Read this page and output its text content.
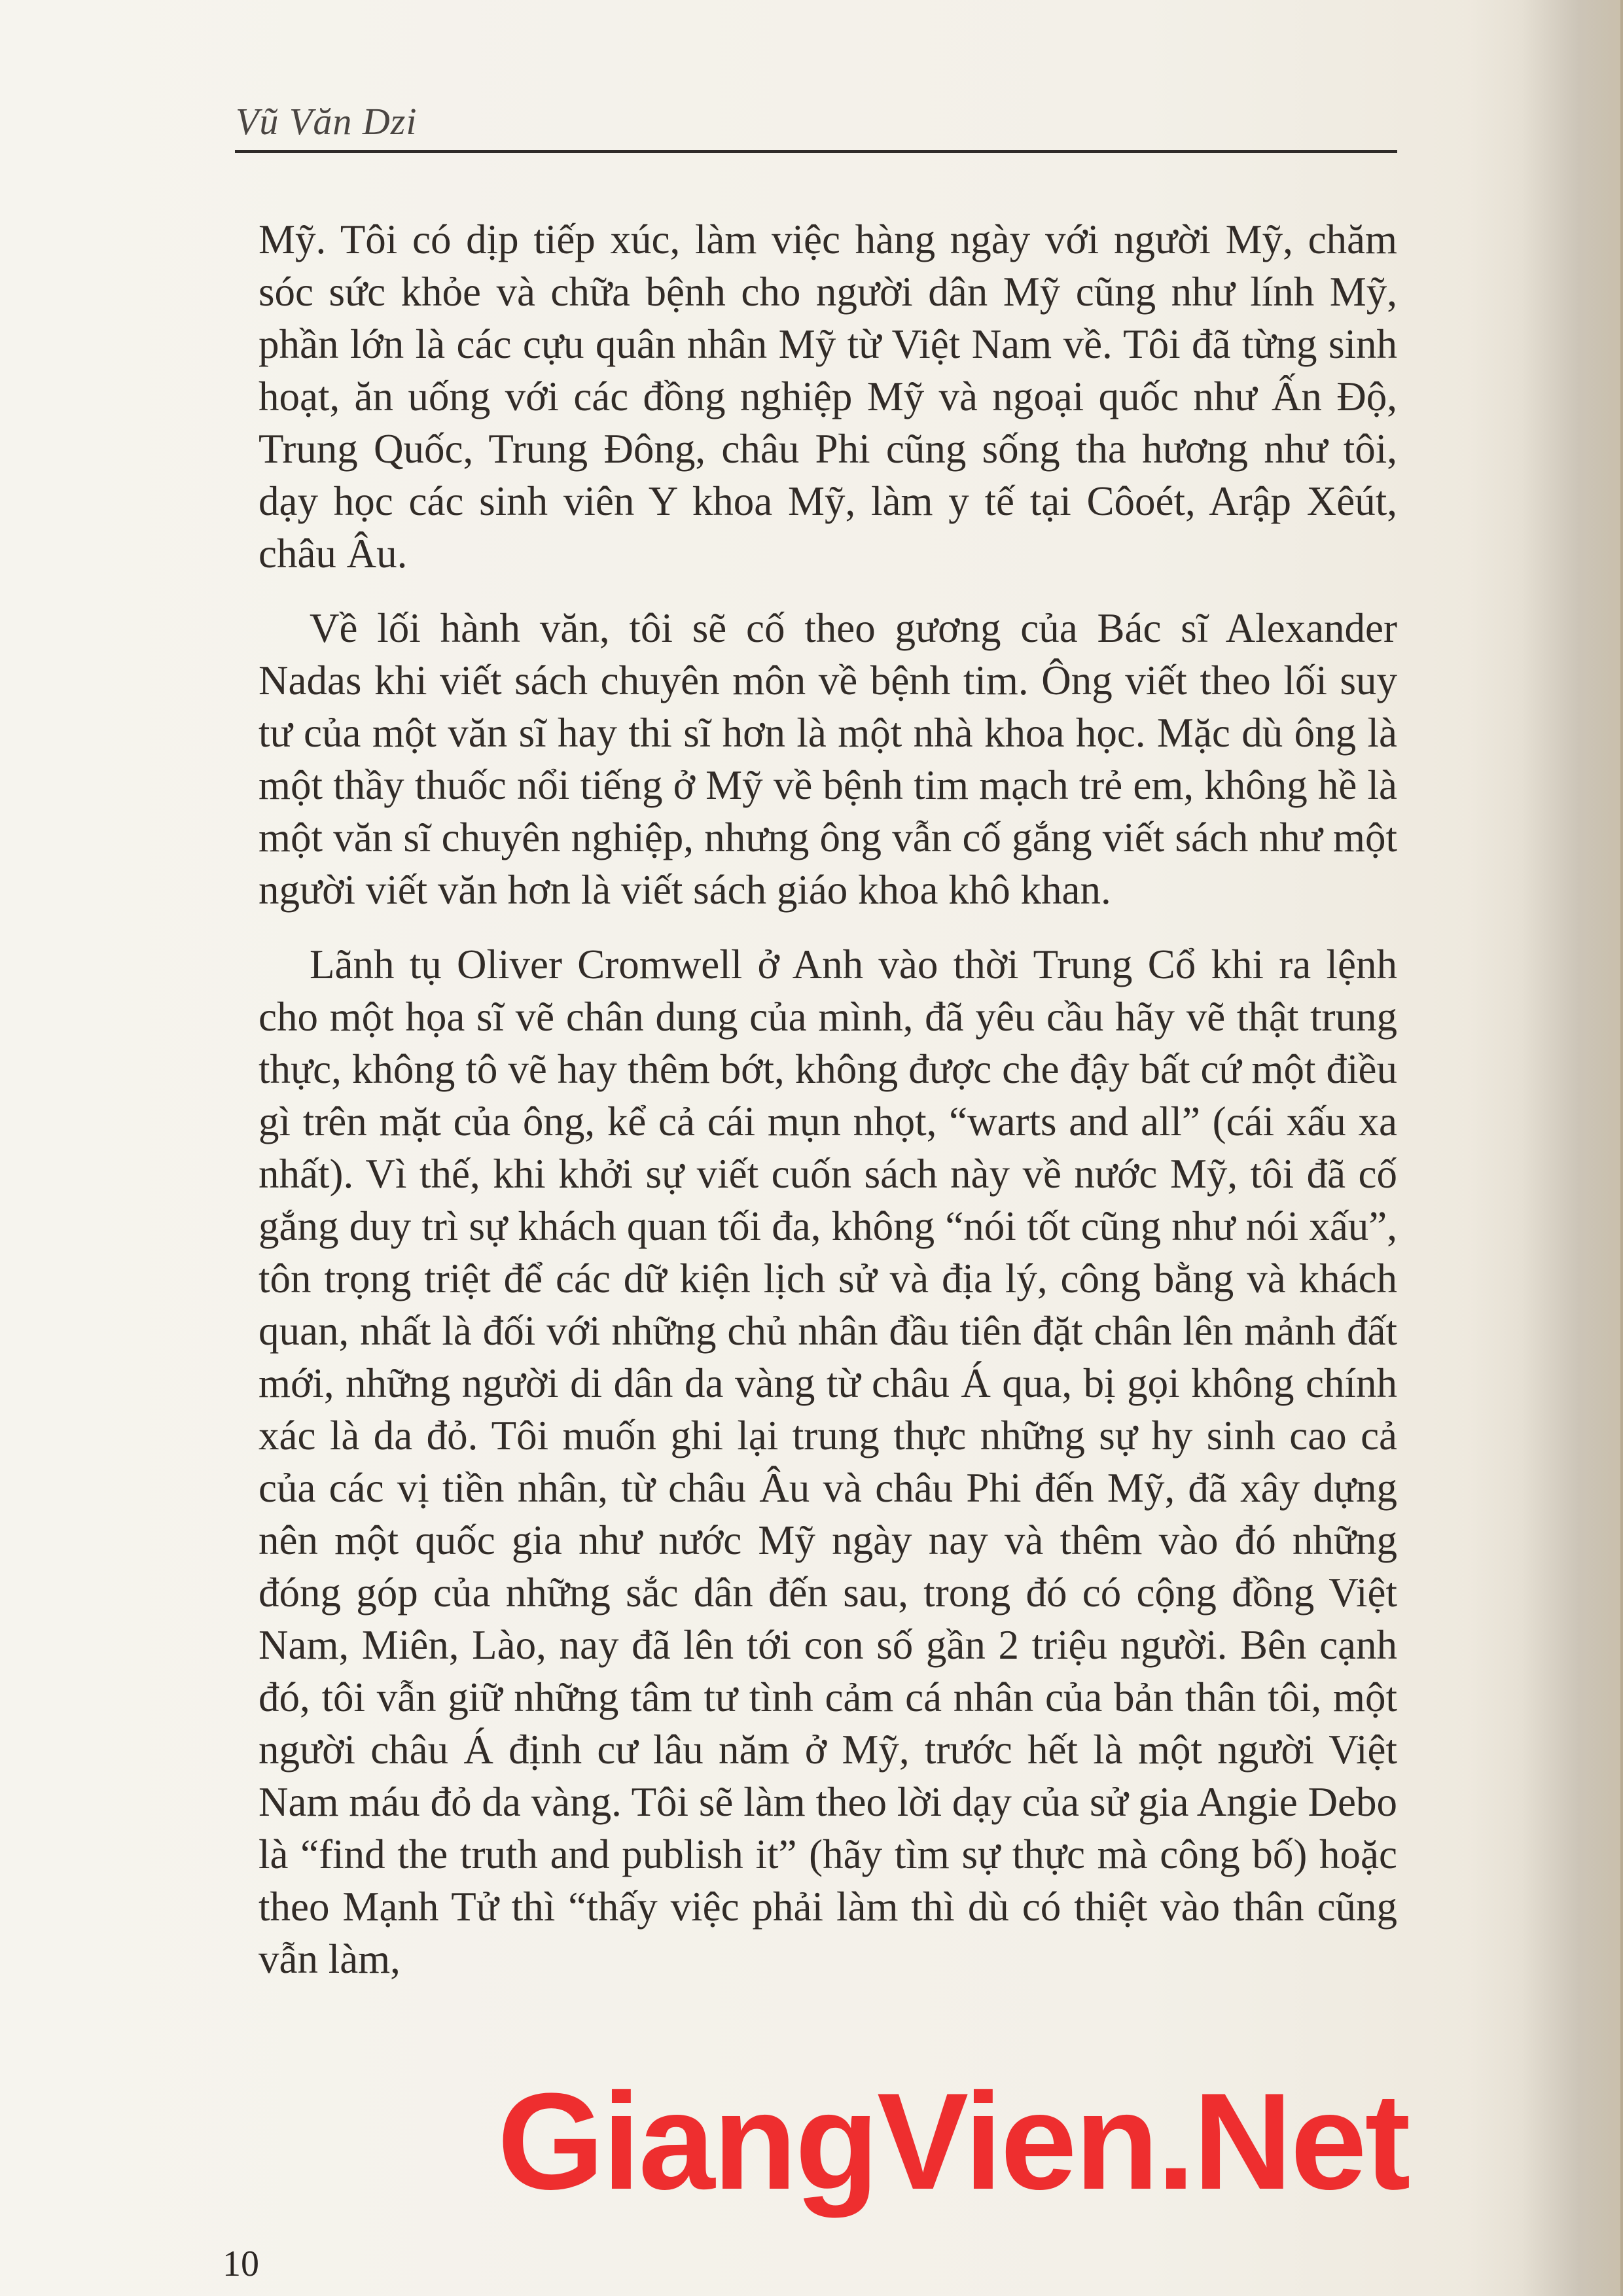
Vũ Văn Dzi

Mỹ. Tôi có dịp tiếp xúc, làm việc hàng ngày với người Mỹ, chăm sóc sức khỏe và chữa bệnh cho người dân Mỹ cũng như lính Mỹ, phần lớn là các cựu quân nhân Mỹ từ Việt Nam về. Tôi đã từng sinh hoạt, ăn uống với các đồng nghiệp Mỹ và ngoại quốc như Ấn Độ, Trung Quốc, Trung Đông, châu Phi cũng sống tha hương như tôi, dạy học các sinh viên Y khoa Mỹ, làm y tế tại Côoét, Arập Xêút, châu Âu.

Về lối hành văn, tôi sẽ cố theo gương của Bác sĩ Alexander Nadas khi viết sách chuyên môn về bệnh tim. Ông viết theo lối suy tư của một văn sĩ hay thi sĩ hơn là một nhà khoa học. Mặc dù ông là một thầy thuốc nổi tiếng ở Mỹ về bệnh tim mạch trẻ em, không hề là một văn sĩ chuyên nghiệp, nhưng ông vẫn cố gắng viết sách như một người viết văn hơn là viết sách giáo khoa khô khan.

Lãnh tụ Oliver Cromwell ở Anh vào thời Trung Cổ khi ra lệnh cho một họa sĩ vẽ chân dung của mình, đã yêu cầu hãy vẽ thật trung thực, không tô vẽ hay thêm bớt, không được che đậy bất cứ một điều gì trên mặt của ông, kể cả cái mụn nhọt, “warts and all” (cái xấu xa nhất). Vì thế, khi khởi sự viết cuốn sách này về nước Mỹ, tôi đã cố gắng duy trì sự khách quan tối đa, không “nói tốt cũng như nói xấu”, tôn trọng triệt để các dữ kiện lịch sử và địa lý, công bằng và khách quan, nhất là đối với những chủ nhân đầu tiên đặt chân lên mảnh đất mới, những người di dân da vàng từ châu Á qua, bị gọi không chính xác là da đỏ. Tôi muốn ghi lại trung thực những sự hy sinh cao cả của các vị tiền nhân, từ châu Âu và châu Phi đến Mỹ, đã xây dựng nên một quốc gia như nước Mỹ ngày nay và thêm vào đó những đóng góp của những sắc dân đến sau, trong đó có cộng đồng Việt Nam, Miên, Lào, nay đã lên tới con số gần 2 triệu người. Bên cạnh đó, tôi vẫn giữ những tâm tư tình cảm cá nhân của bản thân tôi, một người châu Á định cư lâu năm ở Mỹ, trước hết là một người Việt Nam máu đỏ da vàng. Tôi sẽ làm theo lời dạy của sử gia Angie Debo là “find the truth and publish it” (hãy tìm sự thực mà công bố) hoặc theo Mạnh Tử thì “thấy việc phải làm thì dù có thiệt vào thân cũng vẫn làm,

GiangVien.Net
10
